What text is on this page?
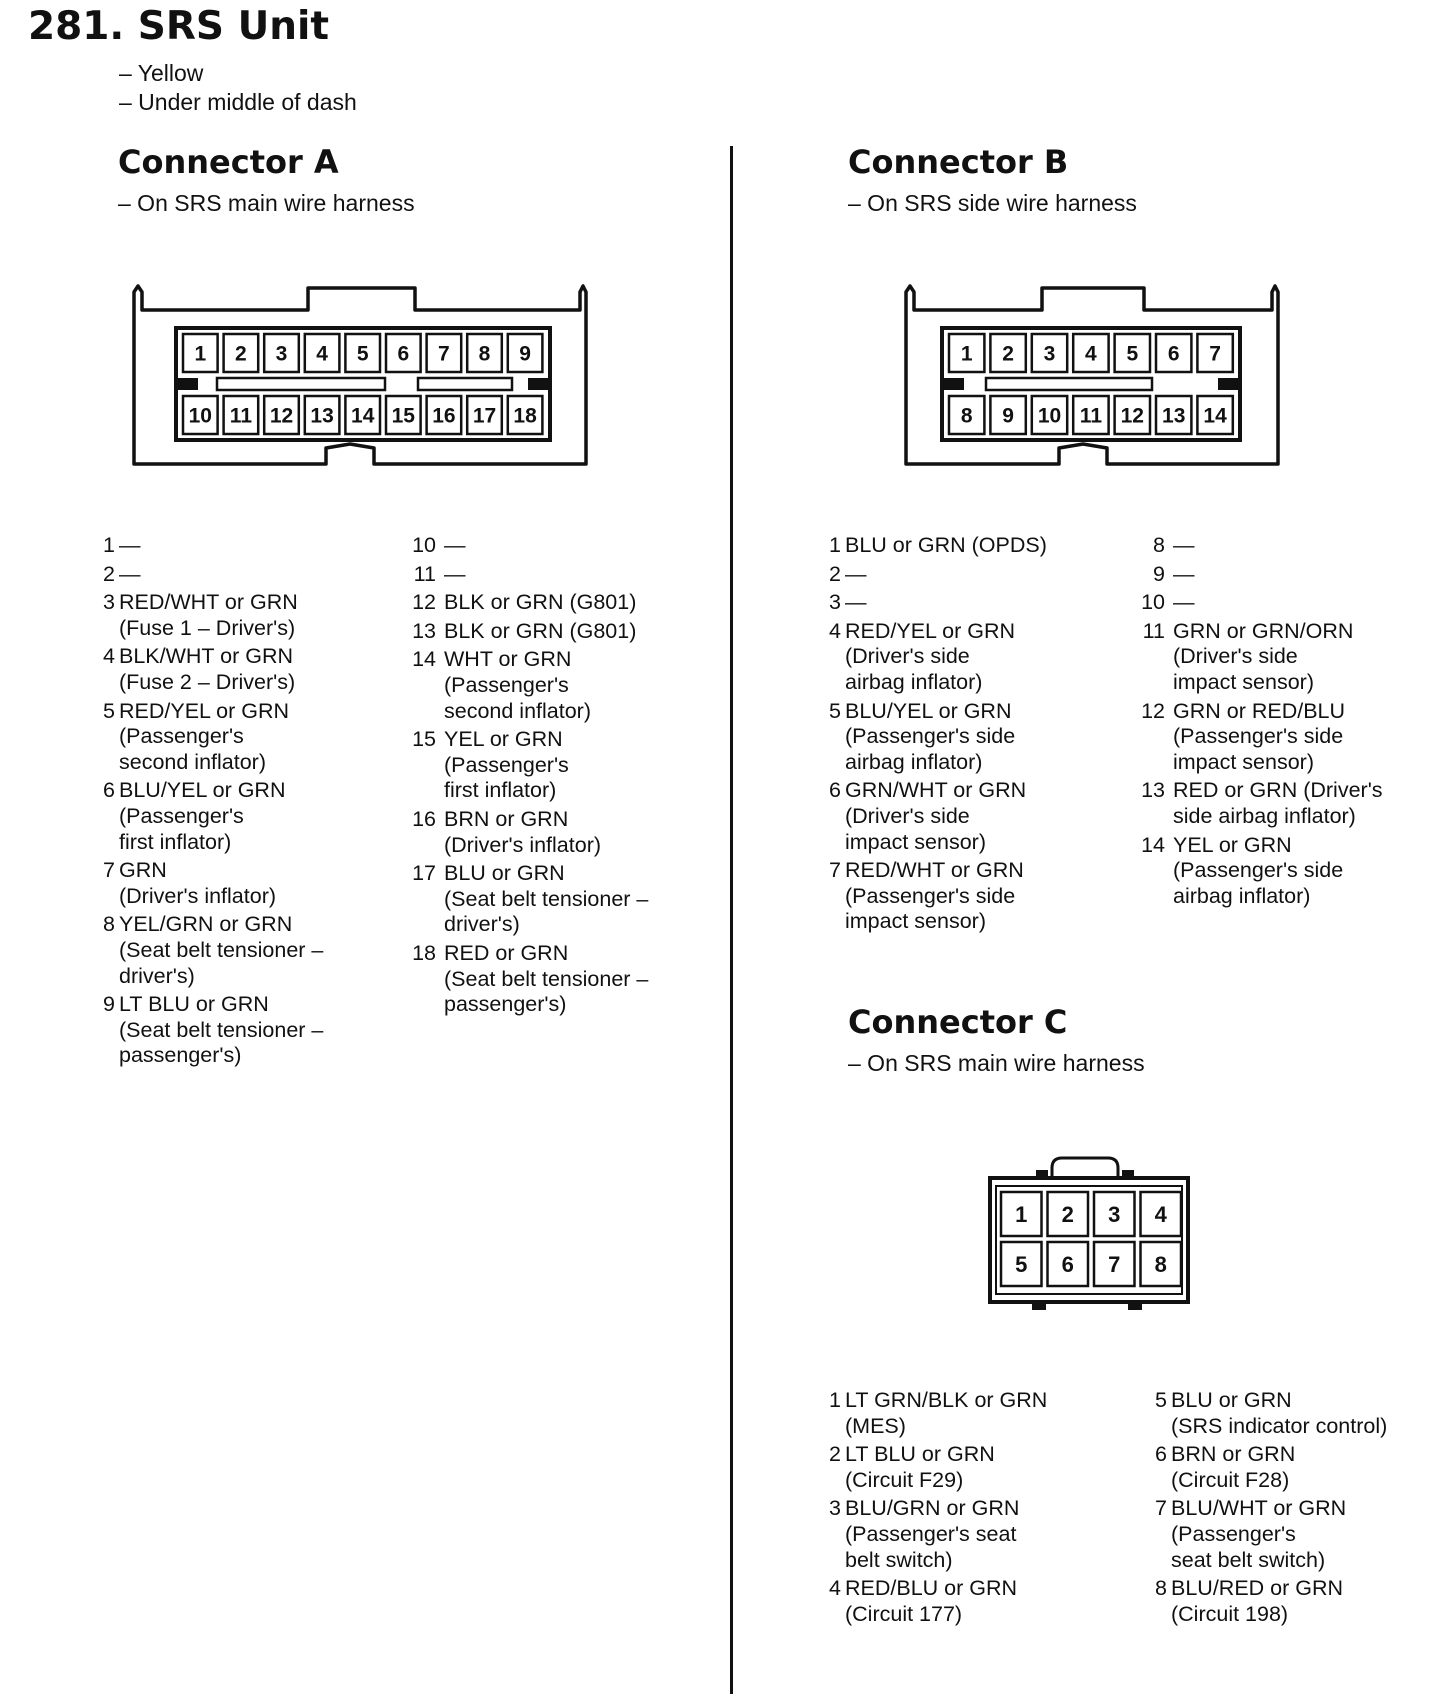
281. SRS Unit
– Yellow
– Under middle of dash
Connector A
– On SRS main wire harness
1 2 3 4 5 6 7 8 9
10 11 12 13 14 15 16 17 18
1 —
2 —
3 RED/WHT or GRN
(Fuse 1 – Driver's)
4 BLK/WHT or GRN
(Fuse 2 – Driver's)
5 RED/YEL or GRN
(Passenger's
second inflator)
6 BLU/YEL or GRN
(Passenger's
first inflator)
7 GRN
(Driver's inflator)
8 YEL/GRN or GRN
(Seat belt tensioner –
driver's)
9 LT BLU or GRN
(Seat belt tensioner –
passenger's)
10 —
11 —
12 BLK or GRN (G801)
13 BLK or GRN (G801)
14 WHT or GRN
(Passenger's
second inflator)
15 YEL or GRN
(Passenger's
first inflator)
16 BRN or GRN
(Driver's inflator)
17 BLU or GRN
(Seat belt tensioner –
driver's)
18 RED or GRN
(Seat belt tensioner –
passenger's)
Connector B
– On SRS side wire harness
1 2 3 4 5 6 7
8 9 10 11 12 13 14
1 BLU or GRN (OPDS)
2 —
3 —
4 RED/YEL or GRN
(Driver's side
airbag inflator)
5 BLU/YEL or GRN
(Passenger's side
airbag inflator)
6 GRN/WHT or GRN
(Driver's side
impact sensor)
7 RED/WHT or GRN
(Passenger's side
impact sensor)
8 —
9 —
10 —
11 GRN or GRN/ORN
(Driver's side
impact sensor)
12 GRN or RED/BLU
(Passenger's side
impact sensor)
13 RED or GRN (Driver's
side airbag inflator)
14 YEL or GRN
(Passenger's side
airbag inflator)
Connector C
– On SRS main wire harness
1 2 3 4
5 6 7 8
1 LT GRN/BLK or GRN
(MES)
2 LT BLU or GRN
(Circuit F29)
3 BLU/GRN or GRN
(Passenger's seat
belt switch)
4 RED/BLU or GRN
(Circuit 177)
5 BLU or GRN
(SRS indicator control)
6 BRN or GRN
(Circuit F28)
7 BLU/WHT or GRN
(Passenger's
seat belt switch)
8 BLU/RED or GRN
(Circuit 198)
